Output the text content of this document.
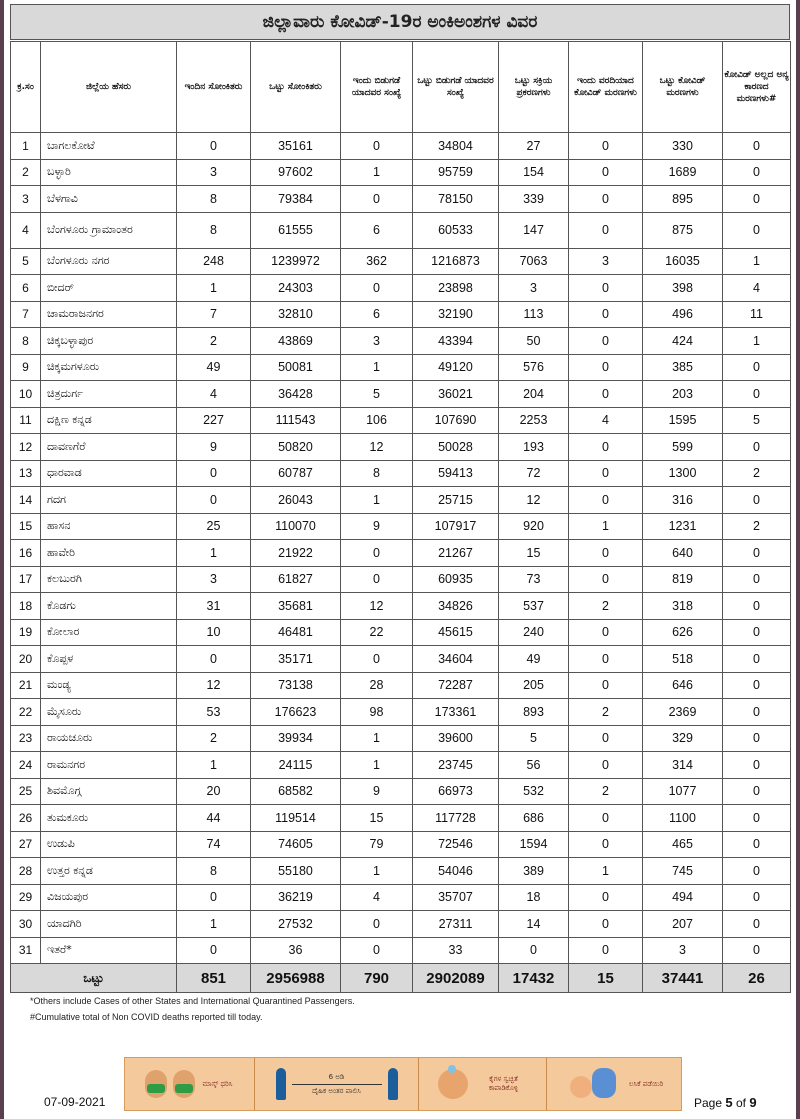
ಜಿಲ್ಲಾವಾರು ಕೋವಿಡ್-19ರ ಅಂಕಿಅಂಶಗಳ ವಿವರ
ಕ್ರ.ಸಂ	ಜಿಲ್ಲೆಯ ಹೆಸರು	ಇಂದಿನ ಸೋಂಕಿತರು	ಒಟ್ಟು ಸೋಂಕಿತರು	ಇಂದು ಬಿಡುಗಡೆ ಯಾದವರ ಸಂಖ್ಯೆ	ಒಟ್ಟು ಬಿಡುಗಡೆ ಯಾದವರ ಸಂಖ್ಯೆ	ಒಟ್ಟು ಸಕ್ರಿಯ ಪ್ರಕರಣಗಳು	ಇಂದು ವರದಿಯಾದ ಕೋವಿಡ್ ಮರಣಗಳು	ಒಟ್ಟು ಕೋವಿಡ್ ಮರಣಗಳು	ಕೋವಿಡ್ ಅಲ್ಲದ ಅನ್ಯ ಕಾರಣದ ಮರಣಗಳು#
1	ಬಾಗಲಕೋಟೆ	0	35161	0	34804	27	0	330	0
2	ಬಳ್ಳಾರಿ	3	97602	1	95759	154	0	1689	0
3	ಬೆಳಗಾವಿ	8	79384	0	78150	339	0	895	0
4	ಬೆಂಗಳೂರು ಗ್ರಾಮಾಂತರ	8	61555	6	60533	147	0	875	0
5	ಬೆಂಗಳೂರು ನಗರ	248	1239972	362	1216873	7063	3	16035	1
6	ಬೀದರ್	1	24303	0	23898	3	0	398	4
7	ಚಾಮರಾಜನಗರ	7	32810	6	32190	113	0	496	11
8	ಚಿಕ್ಕಬಳ್ಳಾಪುರ	2	43869	3	43394	50	0	424	1
9	ಚಿಕ್ಕಮಗಳೂರು	49	50081	1	49120	576	0	385	0
10	ಚಿತ್ರದುರ್ಗ	4	36428	5	36021	204	0	203	0
11	ದಕ್ಷಿಣ ಕನ್ನಡ	227	111543	106	107690	2253	4	1595	5
12	ದಾವಣಗೆರೆ	9	50820	12	50028	193	0	599	0
13	ಧಾರವಾಡ	0	60787	8	59413	72	0	1300	2
14	ಗದಗ	0	26043	1	25715	12	0	316	0
15	ಹಾಸನ	25	110070	9	107917	920	1	1231	2
16	ಹಾವೇರಿ	1	21922	0	21267	15	0	640	0
17	ಕಲಬುರಗಿ	3	61827	0	60935	73	0	819	0
18	ಕೊಡಗು	31	35681	12	34826	537	2	318	0
19	ಕೋಲಾರ	10	46481	22	45615	240	0	626	0
20	ಕೊಪ್ಪಳ	0	35171	0	34604	49	0	518	0
21	ಮಂಡ್ಯ	12	73138	28	72287	205	0	646	0
22	ಮೈಸೂರು	53	176623	98	173361	893	2	2369	0
23	ರಾಯಚೂರು	2	39934	1	39600	5	0	329	0
24	ರಾಮನಗರ	1	24115	1	23745	56	0	314	0
25	ಶಿವಮೊಗ್ಗ	20	68582	9	66973	532	2	1077	0
26	ತುಮಕೂರು	44	119514	15	117728	686	0	1100	0
27	ಉಡುಪಿ	74	74605	79	72546	1594	0	465	0
28	ಉತ್ತರ ಕನ್ನಡ	8	55180	1	54046	389	1	745	0
29	ವಿಜಯಪುರ	0	36219	4	35707	18	0	494	0
30	ಯಾದಗಿರಿ	1	27532	0	27311	14	0	207	0
31	ಇತರೆ*	0	36	0	33	0	0	3	0
ಒಟ್ಟು		851	2956988	790	2902089	17432	15	37441	26
*Others include Cases of other States and International Quarantined Passengers.
#Cumulative total of Non COVID deaths reported till today.
ಮಾಸ್ಕ್ ಧರಿಸಿ
6 ಅಡಿ
ದೈಹಿಕ ಅಂತರ ಪಾಲಿಸಿ
ಕೈಗಳ ಸ್ವಚ್ಛತೆ ಕಾಪಾಡಿಕೊಳ್ಳಿ
ಲಸಿಕೆ ಪಡೆಯಿರಿ
07-09-2021	Page 5 of 9
